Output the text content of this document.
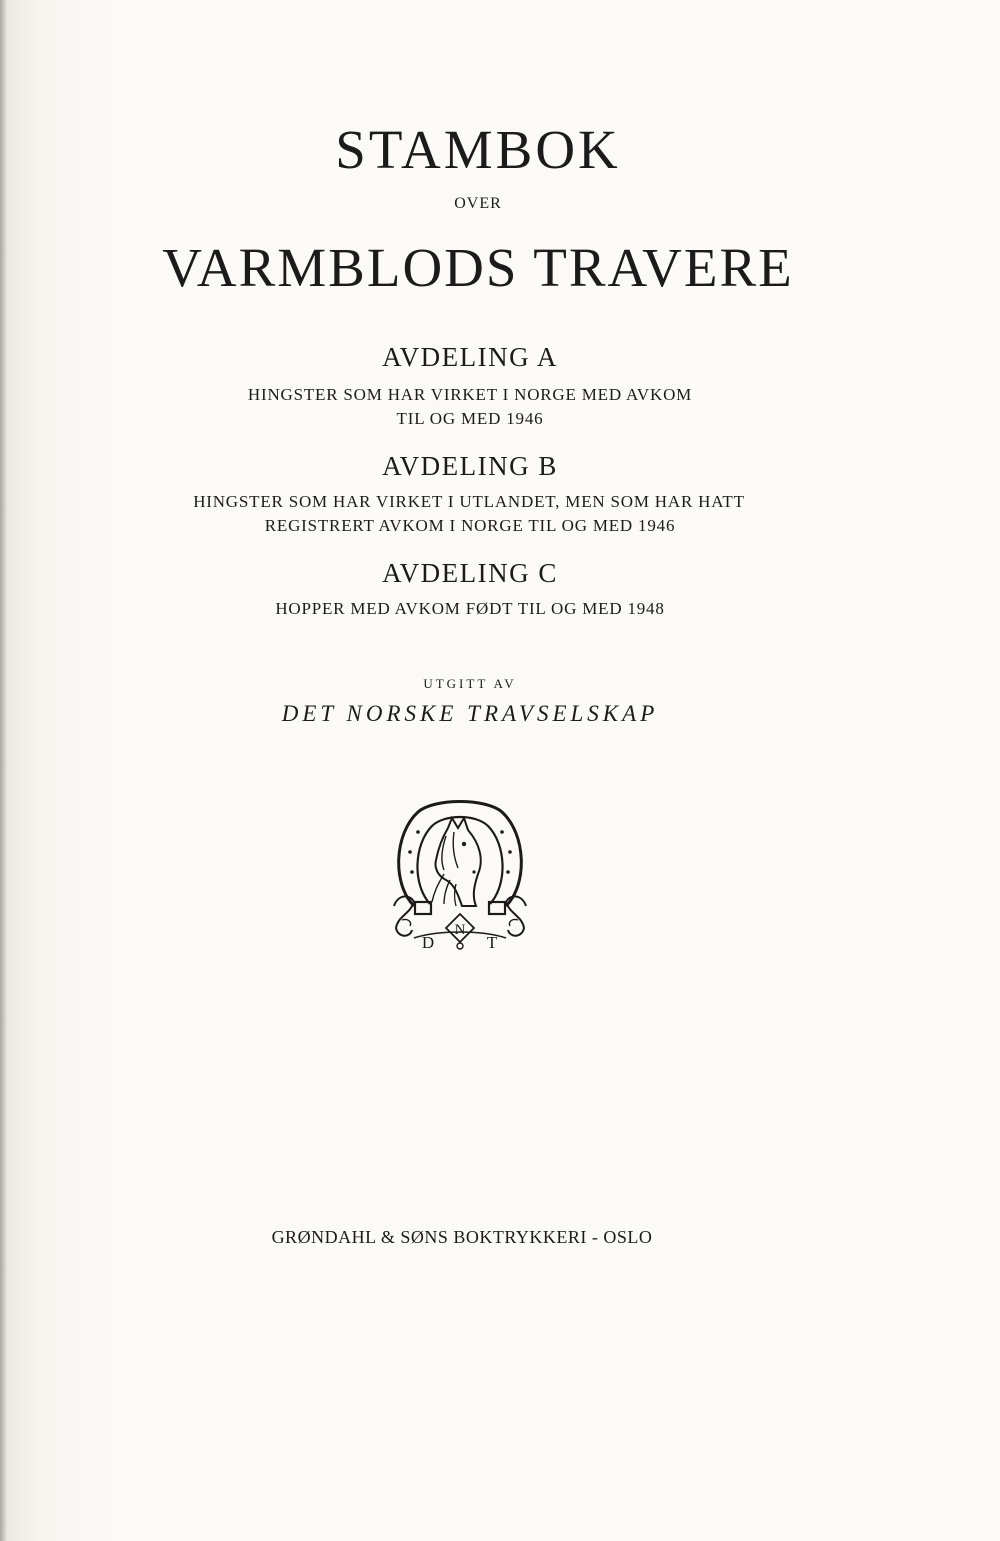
STAMBOK
OVER
VARMBLODS TRAVERE
AVDELING A
HINGSTER SOM HAR VIRKET I NORGE MED AVKOM
TIL OG MED 1946
AVDELING B
HINGSTER SOM HAR VIRKET I UTLANDET, MEN SOM HAR HATT
REGISTRERT AVKOM I NORGE TIL OG MED 1946
AVDELING C
HOPPER MED AVKOM FØDT TIL OG MED 1948
UTGITT AV
DET NORSKE TRAVSELSKAP
D
N
T
GRØNDAHL & SØNS BOKTRYKKERI - OSLO
